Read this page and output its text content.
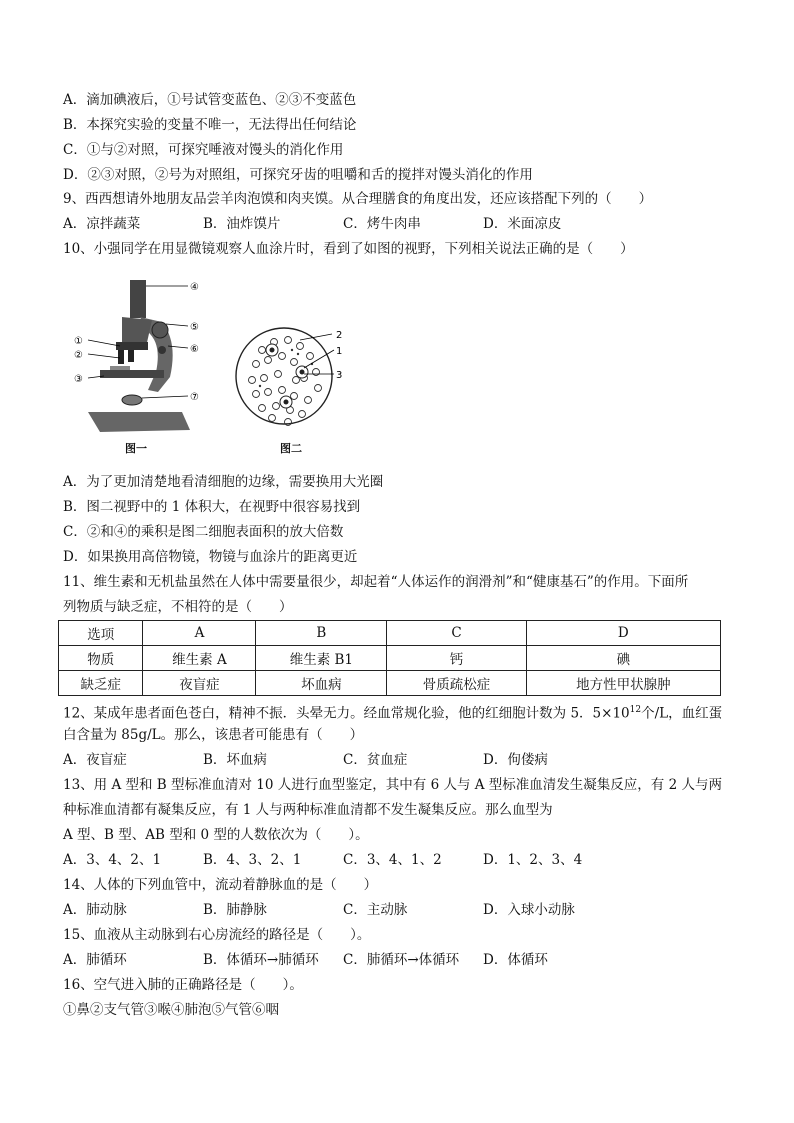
A．滴加碘液后，①号试管变蓝色、②③不变蓝色
B．本探究实验的变量不唯一，无法得出任何结论
C．①与②对照，可探究唾液对馒头的消化作用
D．②③对照，②号为对照组，可探究牙齿的咀嚼和舌的搅拌对馒头消化的作用
9、西西想请外地朋友品尝羊肉泡馍和肉夹馍。从合理膳食的角度出发，还应该搭配下列的（　　）
A．凉拌蔬菜	B．油炸馍片	C．烤牛肉串	D．米面凉皮
10、小强同学在用显微镜观察人血涂片时，看到了如图的视野，下列相关说法正确的是（　　）
④
⑤
⑥
①
②
③
⑦
图一
2
1
3
图二
A．为了更加清楚地看清细胞的边缘，需要换用大光圈
B．图二视野中的 1 体积大，在视野中很容易找到
C．②和④的乘积是图二细胞表面积的放大倍数
D．如果换用高倍物镜，物镜与血涂片的距离更近
11、维生素和无机盐虽然在人体中需要量很少，却起着“人体运作的润滑剂”和“健康基石”的作用。下面所
列物质与缺乏症，不相符的是（　　）
选项	A	B	C	D
物质	维生素 A	维生素 B1	钙	碘
缺乏症	夜盲症	坏血病	骨质疏松症	地方性甲状腺肿
12、某成年患者面色苍白，精神不振．头晕无力。经血常规化验，他的红细胞计数为 5．$5\times 10^{12}$个/L，血红蛋
白含量为 85g/L。那么，该患者可能患有（　　）
A．夜盲症	B．坏血病	C．贫血症	D．佝偻病
13、用 A 型和 B 型标准血清对 10 人进行血型鉴定，其中有 6 人与 A 型标准血清发生凝集反应，有 2 人与两
种标准血清都有凝集反应，有 1 人与两种标准血清都不发生凝集反应。那么血型为
A 型、B 型、AB 型和 0 型的人数依次为（　　）。
A．3、4、2、1	B．4、3、2、1	C．3、4、1、2	D．1、2、3、4
14、人体的下列血管中，流动着静脉血的是（　　）
A．肺动脉	B．肺静脉	C．主动脉	D．入球小动脉
15、血液从主动脉到右心房流经的路径是（　　）。
A．肺循环	B．体循环→肺循环 C．肺循环→体循环 D．体循环
16、空气进入肺的正确路径是（　　）。
①鼻②支气管③喉④肺泡⑤气管⑥咽
